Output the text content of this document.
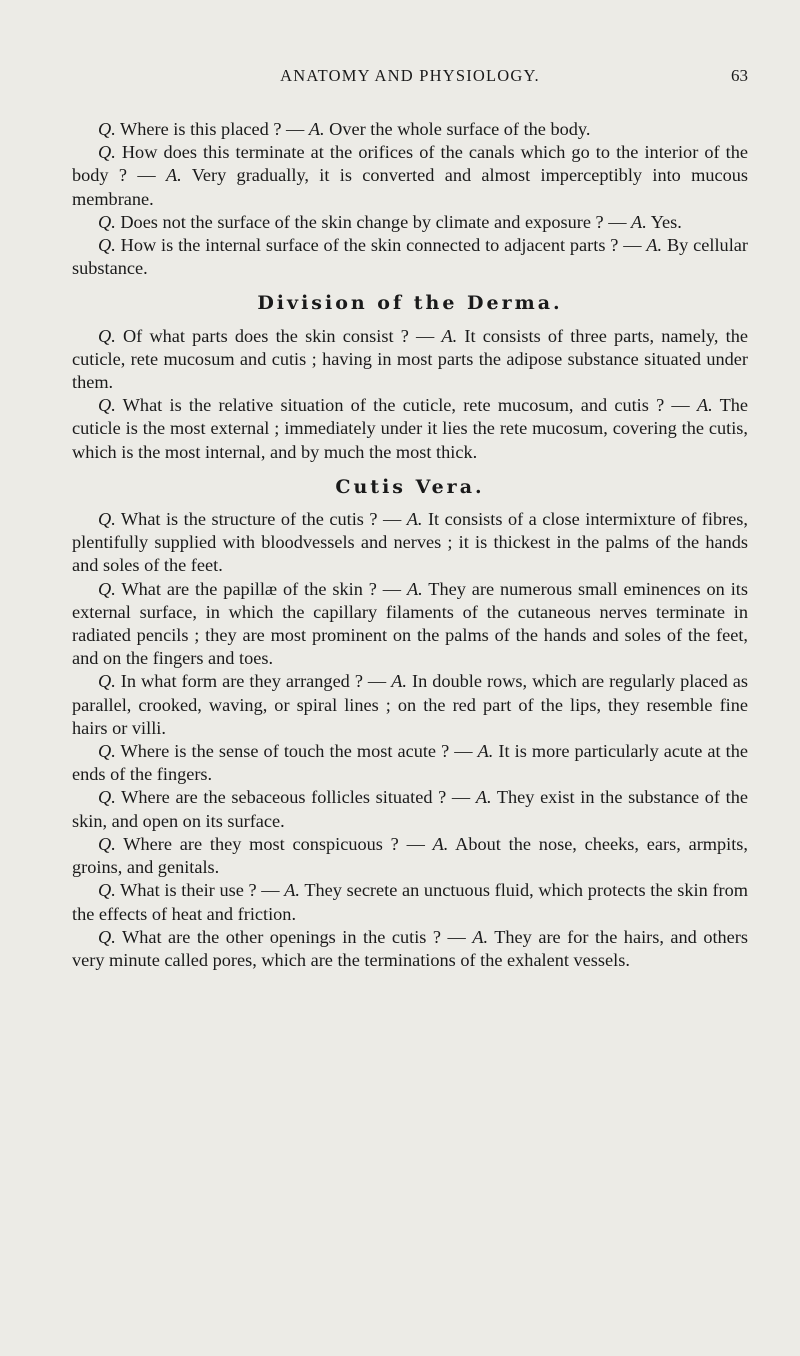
ANATOMY AND PHYSIOLOGY.	63

Q. Where is this placed ? — A. Over the whole surface of the body.

Q. How does this terminate at the orifices of the canals which go to the interior of the body ? — A. Very gradually, it is converted and almost imperceptibly into mucous membrane.

Q. Does not the surface of the skin change by climate and exposure ? — A. Yes.

Q. How is the internal surface of the skin connected to adjacent parts ? — A. By cellular substance.

Division of the Derma.

Q. Of what parts does the skin consist ? — A. It consists of three parts, namely, the cuticle, rete mucosum and cutis ; having in most parts the adipose substance situated under them.

Q. What is the relative situation of the cuticle, rete mucosum, and cutis ? — A. The cuticle is the most external ; immediately under it lies the rete mucosum, covering the cutis, which is the most internal, and by much the most thick.

Cutis Vera.

Q. What is the structure of the cutis ? — A. It consists of a close intermixture of fibres, plentifully supplied with bloodvessels and nerves ; it is thickest in the palms of the hands and soles of the feet.

Q. What are the papillæ of the skin ? — A. They are numerous small eminences on its external surface, in which the capillary filaments of the cutaneous nerves terminate in radiated pencils ; they are most prominent on the palms of the hands and soles of the feet, and on the fingers and toes.

Q. In what form are they arranged ? — A. In double rows, which are regularly placed as parallel, crooked, waving, or spiral lines ; on the red part of the lips, they resemble fine hairs or villi.

Q. Where is the sense of touch the most acute ? — A. It is more particularly acute at the ends of the fingers.

Q. Where are the sebaceous follicles situated ? — A. They exist in the substance of the skin, and open on its surface.

Q. Where are they most conspicuous ? — A. About the nose, cheeks, ears, armpits, groins, and genitals.

Q. What is their use ? — A. They secrete an unctuous fluid, which protects the skin from the effects of heat and friction.

Q. What are the other openings in the cutis ? — A. They are for the hairs, and others very minute called pores, which are the terminations of the exhalent vessels.
